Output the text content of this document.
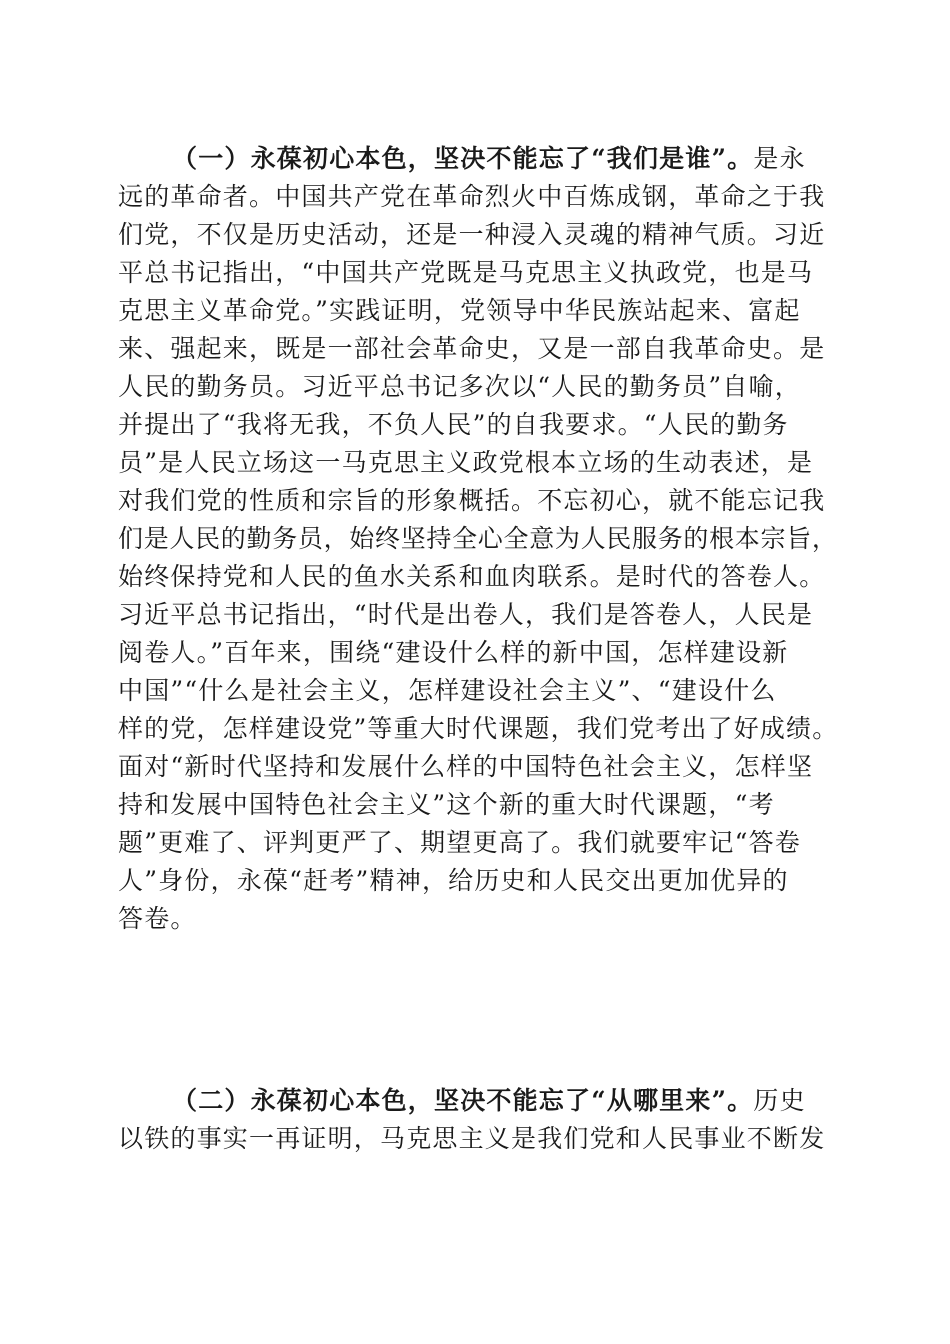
（一）永葆初心本色，坚决不能忘了“我们是谁”。是永
远的革命者。中国共产党在革命烈火中百炼成钢，革命之于我
们党，不仅是历史活动，还是一种浸入灵魂的精神气质。习近
平总书记指出，“中国共产党既是马克思主义执政党，也是马
克思主义革命党。”实践证明，党领导中华民族站起来、富起
来、强起来，既是一部社会革命史，又是一部自我革命史。是
人民的勤务员。习近平总书记多次以“人民的勤务员”自喻，
并提出了“我将无我，不负人民”的自我要求。“人民的勤务
员”是人民立场这一马克思主义政党根本立场的生动表述，是
对我们党的性质和宗旨的形象概括。不忘初心，就不能忘记我
们是人民的勤务员，始终坚持全心全意为人民服务的根本宗旨，
始终保持党和人民的鱼水关系和血肉联系。是时代的答卷人。
习近平总书记指出，“时代是出卷人，我们是答卷人，人民是
阅卷人。”百年来，围绕“建设什么样的新中国，怎样建设新
中国”“什么是社会主义，怎样建设社会主义”、“建设什么
样的党，怎样建设党”等重大时代课题，我们党考出了好成绩。
面对“新时代坚持和发展什么样的中国特色社会主义，怎样坚
持和发展中国特色社会主义”这个新的重大时代课题，“考
题”更难了、评判更严了、期望更高了。我们就要牢记“答卷
人”身份，永葆“赶考”精神，给历史和人民交出更加优异的
答卷。
（二）永葆初心本色，坚决不能忘了“从哪里来”。历史
以铁的事实一再证明，马克思主义是我们党和人民事业不断发
